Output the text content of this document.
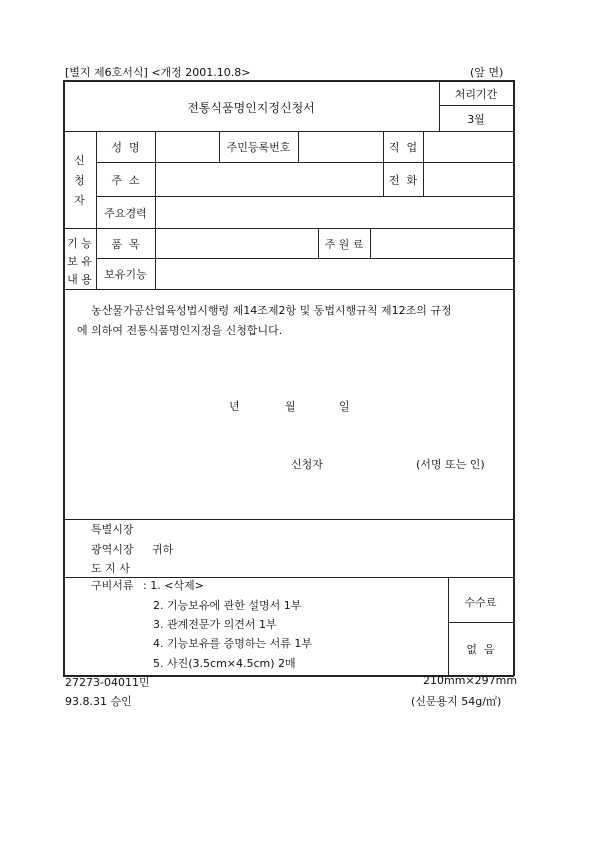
[별지 제6호서식] <개정 2001.10.8>	(앞 면)
전통식품명인지정신청서
처리기간
3월
신
청
자
성  명	주민등록번호	직  업
주  소	전  화
주요경력
기 능
보 유
내 용
품  목	주 원 료
보유기능
농산물가공산업육성법시행령 제14조제2항 및 동법시행규칙 제12조의 규정
에 의하여 전통식품명인지정을 신청합니다.
년	월	일
신청자	(서명 또는 인)
특별시장
광역시장 귀하
도 지 사
구비서류 : 1. <삭제>
2. 기능보유에 관한 설명서 1부
3. 관계전문가 의견서 1부
4. 기능보유를 증명하는 서류 1부
5. 사진(3.5cm×4.5cm) 2매
수수료
없  음
27273-04011민	210mm×297mm
93.8.31 승인	(신문용지 54g/㎡)
